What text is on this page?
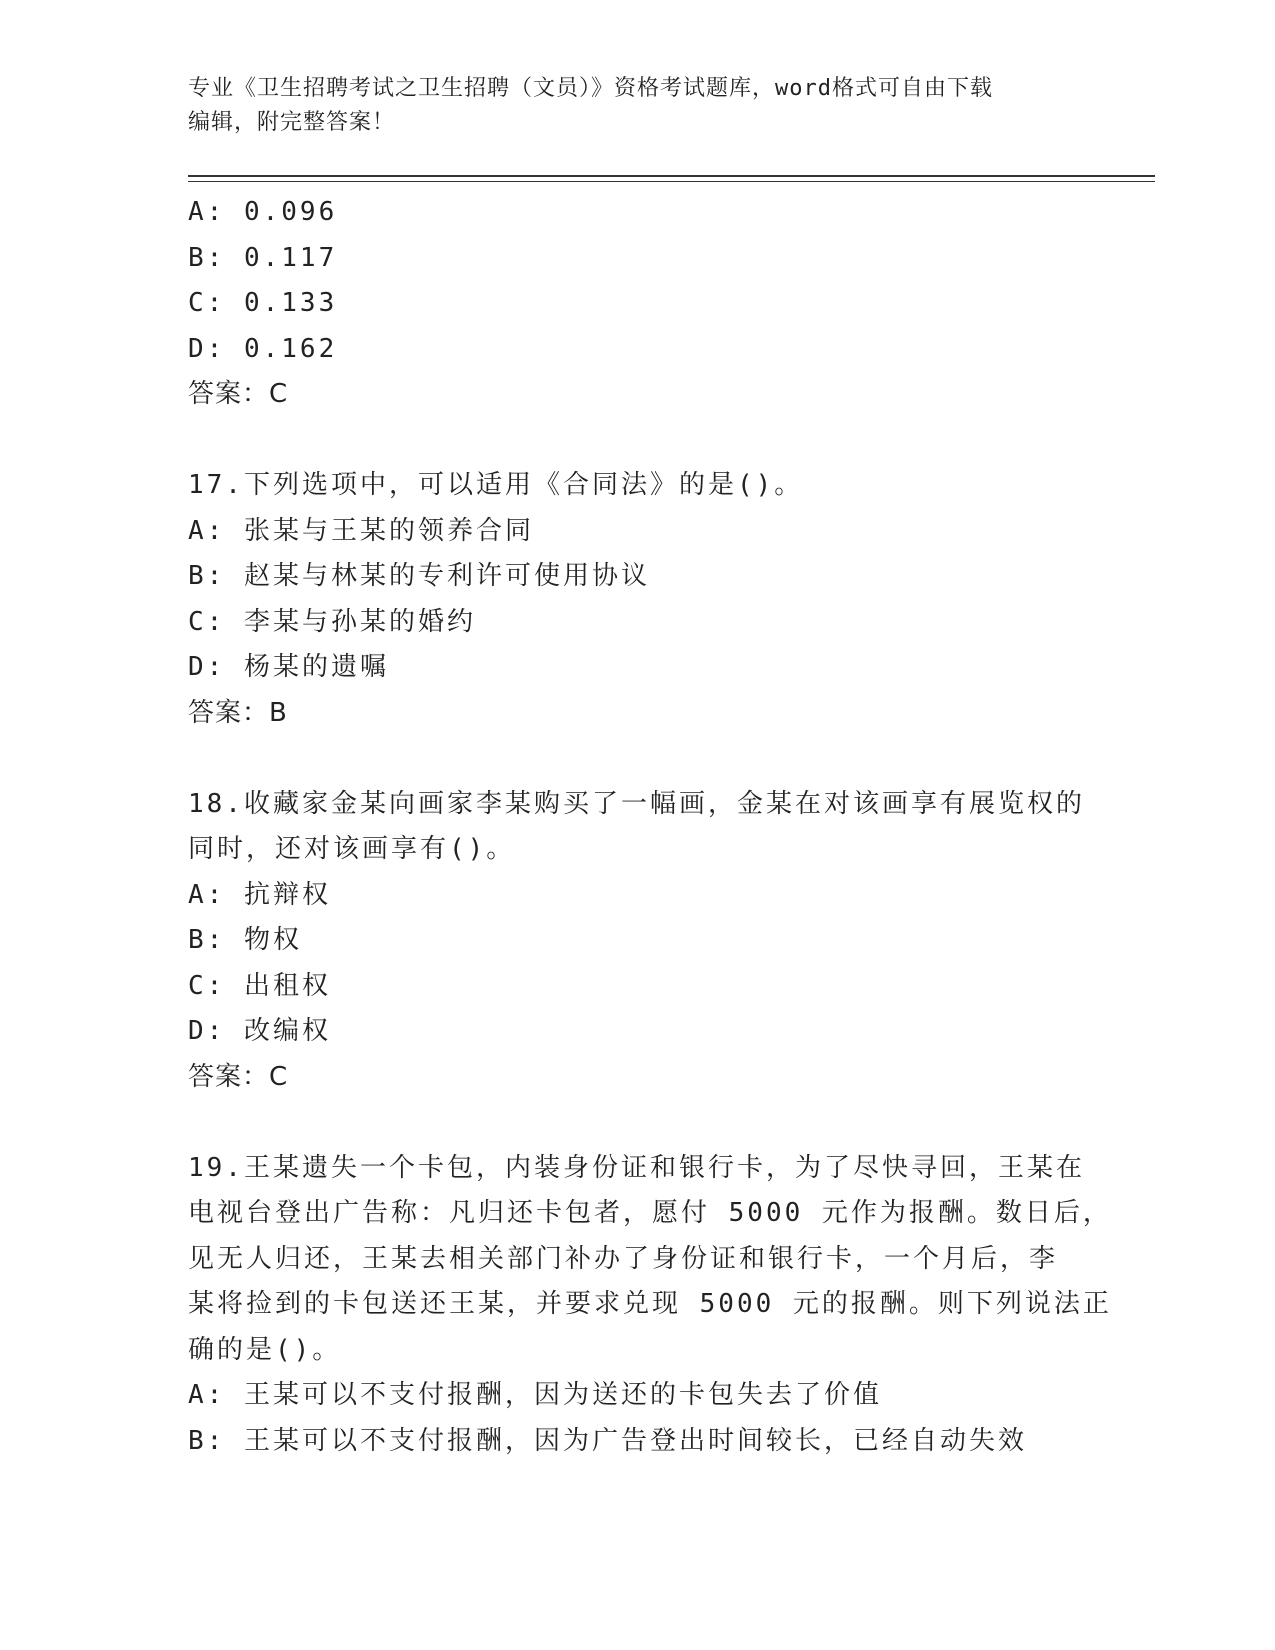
专业《卫生招聘考试之卫生招聘（文员）》资格考试题库，word格式可自由下载
编辑，附完整答案！
A: 0.096
B: 0.117
C: 0.133
D: 0.162
答案：C
17.下列选项中，可以适用《合同法》的是()。
A: 张某与王某的领养合同
B: 赵某与林某的专利许可使用协议
C: 李某与孙某的婚约
D: 杨某的遗嘱
答案：B
18.收藏家金某向画家李某购买了一幅画，金某在对该画享有展览权的
同时，还对该画享有()。
A: 抗辩权
B: 物权
C: 出租权
D: 改编权
答案：C
19.王某遗失一个卡包，内装身份证和银行卡，为了尽快寻回，王某在
电视台登出广告称：凡归还卡包者，愿付 5000 元作为报酬。数日后，
见无人归还，王某去相关部门补办了身份证和银行卡，一个月后，李
某将捡到的卡包送还王某，并要求兑现 5000 元的报酬。则下列说法正
确的是()。
A: 王某可以不支付报酬，因为送还的卡包失去了价值
B: 王某可以不支付报酬，因为广告登出时间较长，已经自动失效
